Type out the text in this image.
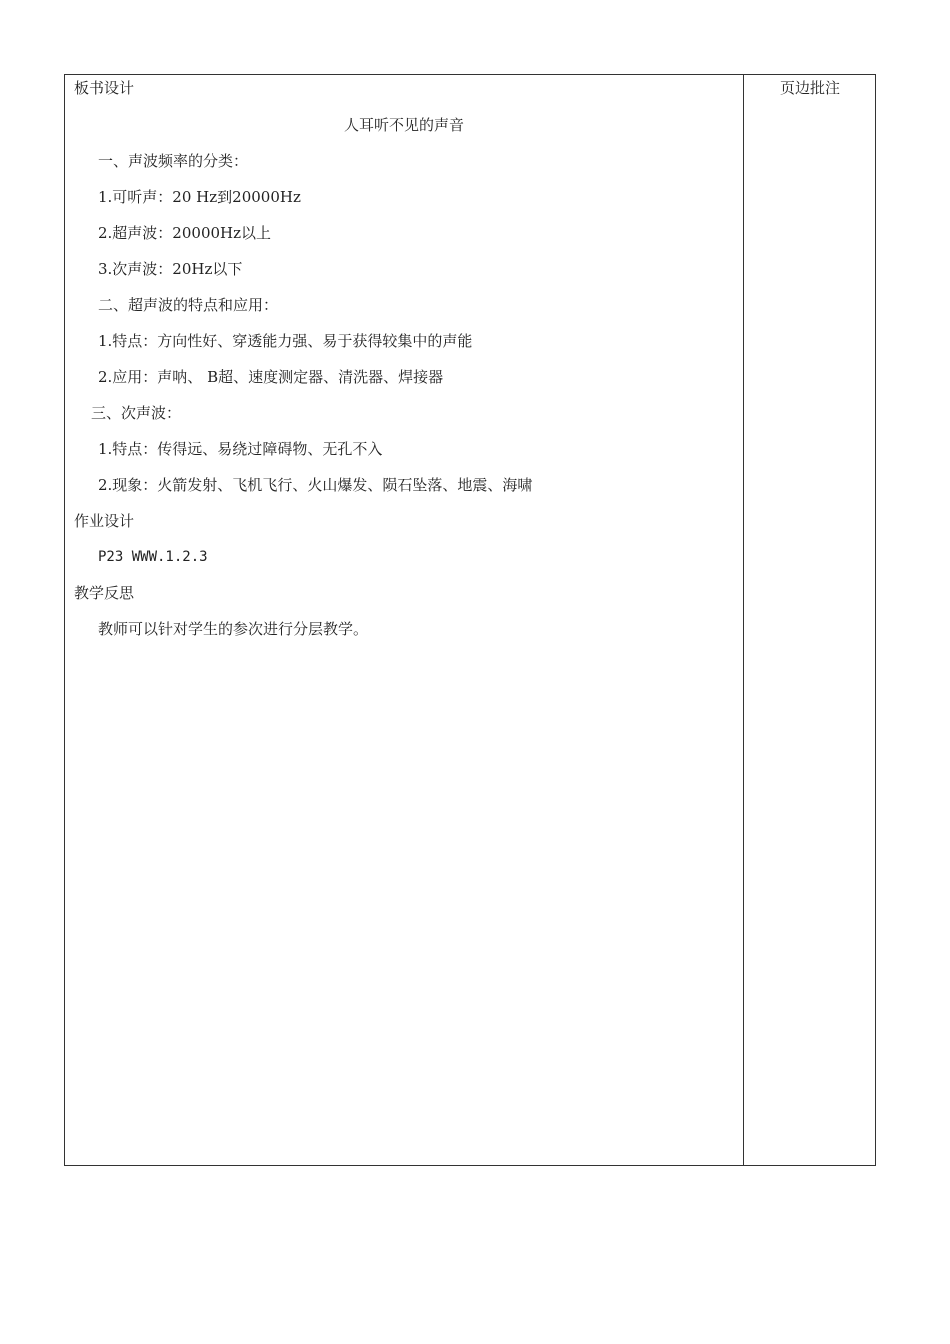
页边批注
板书设计
人耳听不见的声音
一、声波频率的分类：
1.可听声：20 Hz到20000Hz
2.超声波：20000Hz以上
3.次声波：20Hz以下
二、超声波的特点和应用：
1.特点：方向性好、穿透能力强、易于获得较集中的声能
2.应用：声呐、 B超、速度测定器、清洗器、焊接器
三、次声波：
1.特点：传得远、易绕过障碍物、无孔不入
2.现象：火箭发射、飞机飞行、火山爆发、陨石坠落、地震、海啸
作业设计
P23 WWW.1.2.3
教学反思
教师可以针对学生的参次进行分层教学。
